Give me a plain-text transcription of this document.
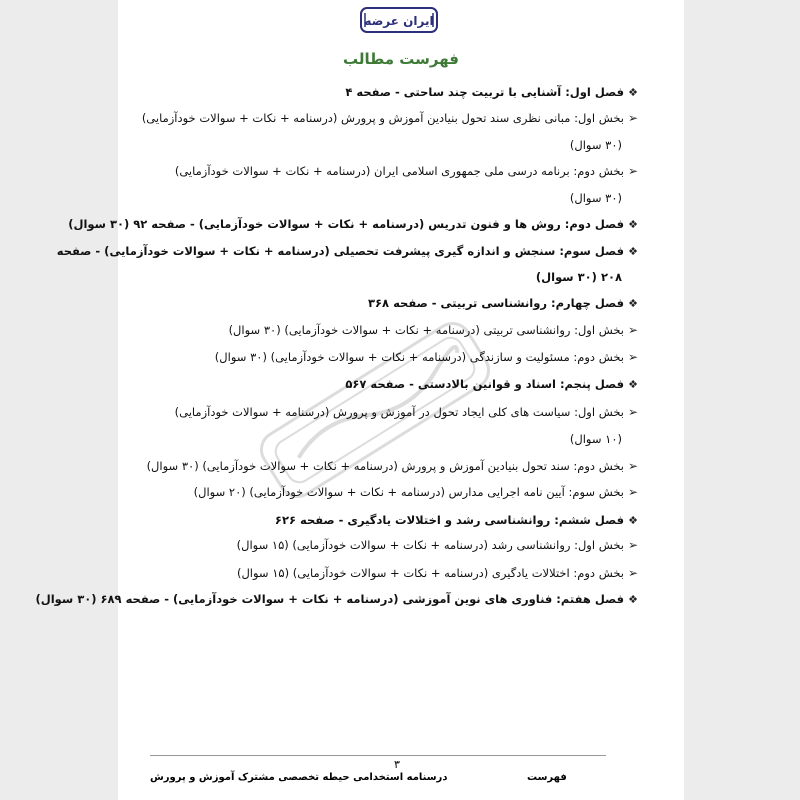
ایران عرضه
فهرست مطالب
❖فصل اول: آشنایی با تربیت چند ساحتی - صفحه ۴
➢بخش اول: مبانی نظری سند تحول بنیادین آموزش و پرورش (درسنامه + نکات + سوالات خودآزمایی)
(۳۰ سوال)
➢بخش دوم: برنامه درسی ملی جمهوری اسلامی ایران (درسنامه + نکات + سوالات خودآزمایی)
(۳۰ سوال)
❖فصل دوم: روش ها و فنون تدریس (درسنامه + نکات + سوالات خودآزمایی) - صفحه ۹۲ (۳۰ سوال)
❖فصل سوم: سنجش و اندازه گیری پیشرفت تحصیلی (درسنامه + نکات + سوالات خودآزمایی) - صفحه
۲۰۸ (۳۰ سوال)
❖فصل چهارم: روانشناسی تربیتی - صفحه ۳۶۸
➢بخش اول: روانشناسی تربیتی (درسنامه + نکات + سوالات خودآزمایی) (۳۰ سوال)
➢بخش دوم: مسئولیت و سازندگی (درسنامه + نکات + سوالات خودآزمایی) (۳۰ سوال)
❖فصل پنجم: اسناد و قوانین بالادستی - صفحه ۵۶۷
➢بخش اول: سیاست های کلی ایجاد تحول در آموزش و پرورش (درسنامه + سوالات خودآزمایی)
(۱۰ سوال)
➢بخش دوم: سند تحول بنیادین آموزش و پرورش (درسنامه + نکات + سوالات خودآزمایی) (۳۰ سوال)
➢بخش سوم: آیین نامه اجرایی مدارس (درسنامه + نکات + سوالات خودآزمایی) (۲۰ سوال)
❖فصل ششم: روانشناسی رشد و اختلالات یادگیری - صفحه ۶۲۶
➢بخش اول: روانشناسی رشد (درسنامه + نکات + سوالات خودآزمایی) (۱۵ سوال)
➢بخش دوم: اختلالات یادگیری (درسنامه + نکات + سوالات خودآزمایی) (۱۵ سوال)
❖فصل هفتم: فناوری های نوین آموزشی (درسنامه + نکات + سوالات خودآزمایی) - صفحه ۶۸۹ (۳۰ سوال)
۳
درسنامه استخدامی حیطه تخصصی مشترک آموزش و پرورش	فهرست
